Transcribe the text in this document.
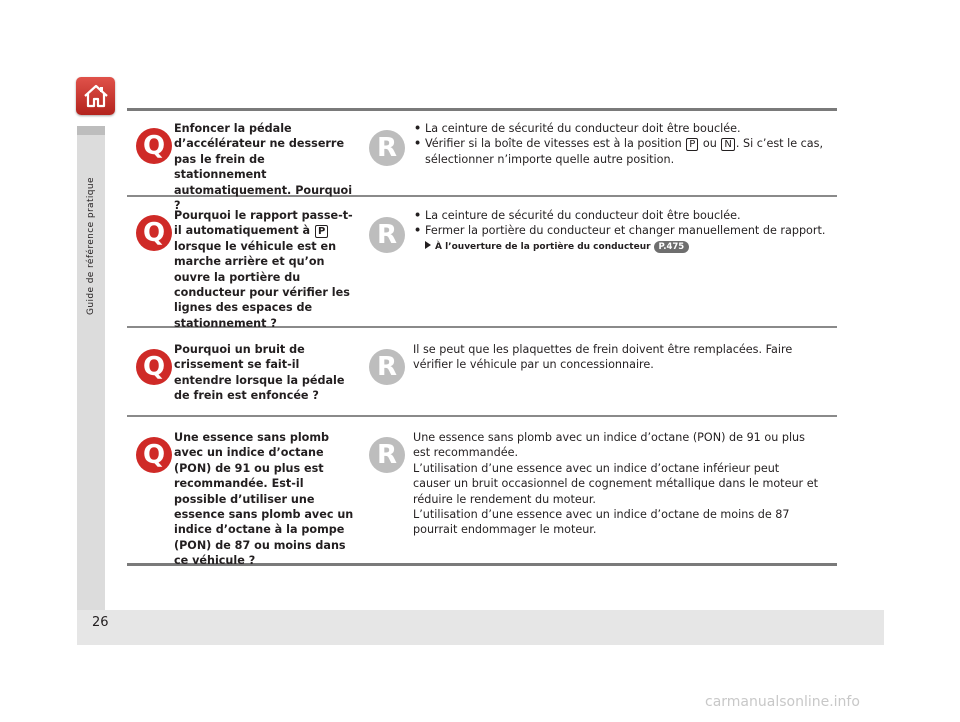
Guide de référence pratique
26
Q
Enfoncer la pédale d’accélérateur ne desserre pas le frein de stationnement automatiquement. Pourquoi ?
R
• La ceinture de sécurité du conducteur doit être bouclée.
• Vérifier si la boîte de vitesses est à la position P ou N . Si c’est le cas, sélectionner n’importe quelle autre position.
Q
Pourquoi le rapport passe-t-il automatiquement à P lorsque le véhicule est en marche arrière et qu’on ouvre la portière du conducteur pour vérifier les lignes des espaces de stationnement ?
R
• La ceinture de sécurité du conducteur doit être bouclée.
• Fermer la portière du conducteur et changer manuellement de rapport.
À l’ouverture de la portière du conducteur P.475
Q
Pourquoi un bruit de crissement se fait-il entendre lorsque la pédale de frein est enfoncée ?
R
Il se peut que les plaquettes de frein doivent être remplacées. Faire vérifier le véhicule par un concessionnaire.
Q
Une essence sans plomb avec un indice d’octane (PON) de 91 ou plus est recommandée. Est-il possible d’utiliser une essence sans plomb avec un indice d’octane à la pompe (PON) de 87 ou moins dans ce véhicule ?
R
Une essence sans plomb avec un indice d’octane (PON) de 91 ou plus est recommandée.
L’utilisation d’une essence avec un indice d’octane inférieur peut causer un bruit occasionnel de cognement métallique dans le moteur et réduire le rendement du moteur.
L’utilisation d’une essence avec un indice d’octane de moins de 87 pourrait endommager le moteur.
carmanualsonline.info
